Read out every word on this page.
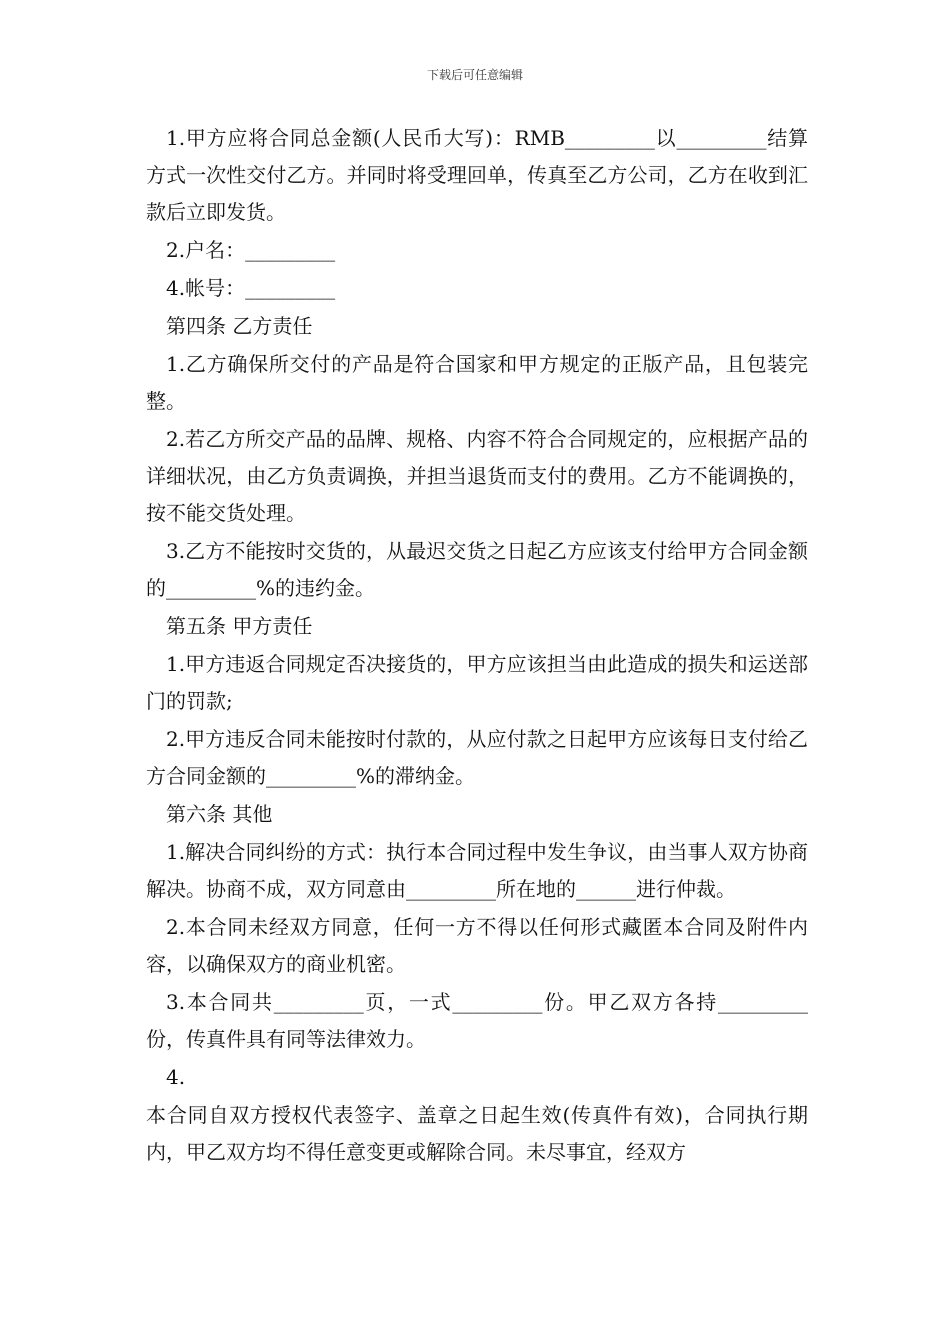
下载后可任意编辑

1.甲方应将合同总金额(人民币大写)：RMB_________以_________结算方式一次性交付乙方。并同时将受理回单，传真至乙方公司，乙方在收到汇款后立即发货。

2.户名：_________

4.帐号：_________

第四条 乙方责任

1.乙方确保所交付的产品是符合国家和甲方规定的正版产品，且包装完整。

2.若乙方所交产品的品牌、规格、内容不符合合同规定的，应根据产品的详细状况，由乙方负责调换，并担当退货而支付的费用。乙方不能调换的，按不能交货处理。

3.乙方不能按时交货的，从最迟交货之日起乙方应该支付给甲方合同金额的_________%的违约金。

第五条 甲方责任

1.甲方违返合同规定否决接货的，甲方应该担当由此造成的损失和运送部门的罚款;

2.甲方违反合同未能按时付款的，从应付款之日起甲方应该每日支付给乙方合同金额的_________%的滞纳金。

第六条 其他

1.解决合同纠纷的方式：执行本合同过程中发生争议，由当事人双方协商解决。协商不成，双方同意由_________所在地的______进行仲裁。

2.本合同未经双方同意，任何一方不得以任何形式藏匿本合同及附件内容，以确保双方的商业机密。

3.本合同共_________页，一式_________份。甲乙双方各持_________份，传真件具有同等法律效力。

4.

本合同自双方授权代表签字、盖章之日起生效(传真件有效)，合同执行期内，甲乙双方均不得任意变更或解除合同。未尽事宜，经双方
